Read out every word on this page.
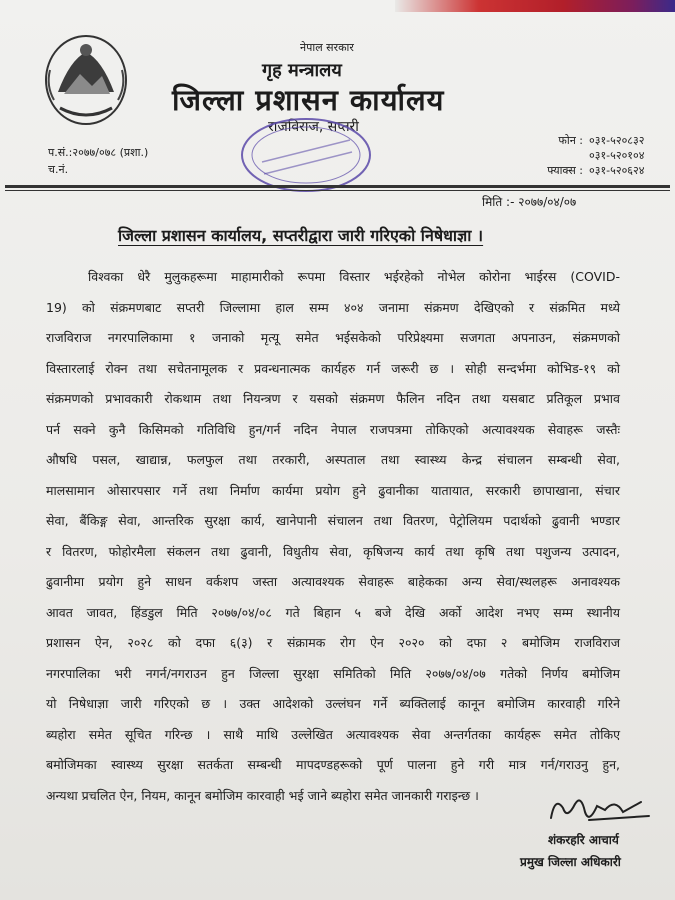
नेपाल सरकार
गृह मन्त्रालय
जिल्ला प्रशासन कार्यालय
राजविराज, सप्तरी
प.सं.:२०७७/०७८ (प्रशा.)
च.नं.
फोन : ०३१-५२०८३२
०३१-५२०१०४
फ्याक्स : ०३१-५२०६२४
मिति :- २०७७/०४/०७
जिल्ला प्रशासन कार्यालय, सप्तरीद्वारा जारी गरिएको निषेधाज्ञा ।
विश्वका धेरै मुलुकहरूमा माहामारीको रूपमा विस्तार भईरहेको नोभेल कोरोना भाईरस (COVID-
19) को संक्रमणबाट सप्तरी जिल्लामा हाल सम्म ४०४ जनामा संक्रमण देखिएको र संक्रमित मध्ये
राजविराज नगरपालिकामा १ जनाको मृत्यू समेत भईसकेको परिप्रेक्ष्यमा सजगता अपनाउन, संक्रमणको
विस्तारलाई रोक्न तथा सचेतनामूलक र प्रवन्धनात्मक कार्यहरु गर्न जरूरी छ । सोही सन्दर्भमा कोभिड-१९ को
संक्रमणको प्रभावकारी रोकथाम तथा नियन्त्रण र यसको संक्रमण फैलिन नदिन तथा यसबाट प्रतिकूल प्रभाव
पर्न सक्ने कुनै किसिमको गतिविधि हुन/गर्न नदिन नेपाल राजपत्रमा तोकिएको अत्यावश्यक सेवाहरू जस्तैः
औषधि पसल, खाद्यान्न, फलफुल तथा तरकारी, अस्पताल तथा स्वास्थ्य केन्द्र संचालन सम्बन्धी सेवा,
मालसामान ओसारपसार गर्ने तथा निर्माण कार्यमा प्रयोग हुने ढुवानीका यातायात, सरकारी छापाखाना, संचार
सेवा, बैंकिङ्ग सेवा, आन्तरिक सुरक्षा कार्य, खानेपानी संचालन तथा वितरण, पेट्रोलियम पदार्थको ढुवानी भण्डार
र वितरण, फोहोरमैला संकलन तथा ढुवानी, विधुतीय सेवा, कृषिजन्य कार्य तथा कृषि तथा पशुजन्य उत्पादन,
ढुवानीमा प्रयोग हुने साधन वर्कशप जस्ता अत्यावश्यक सेवाहरू बाहेकका अन्य सेवा/स्थलहरू अनावश्यक
आवत जावत, हिंडडुल मिति २०७७/०४/०८ गते बिहान ५ बजे देखि अर्को आदेश नभए सम्म स्थानीय
प्रशासन ऐन, २०२८ को दफा ६(३) र संक्रामक रोग ऐन २०२० को दफा २ बमोजिम राजविराज
नगरपालिका भरी नगर्न/नगराउन हुन जिल्ला सुरक्षा समितिको मिति २०७७/०४/०७ गतेको निर्णय बमोजिम
यो निषेधाज्ञा जारी गरिएको छ । उक्त आदेशको उल्लंघन गर्ने ब्यक्तिलाई कानून बमोजिम कारवाही गरिने
ब्यहोरा समेत सूचित गरिन्छ । साथै माथि उल्लेखित अत्यावश्यक सेवा अन्तर्गतका कार्यहरू समेत तोकिए
बमोजिमका स्वास्थ्य सुरक्षा सतर्कता सम्बन्धी मापदण्डहरूको पूर्ण पालना हुने गरी मात्र गर्न/गराउनु हुन,
अन्यथा प्रचलित ऐन, नियम, कानून बमोजिम कारवाही भई जाने ब्यहोरा समेत जानकारी गराइन्छ ।
शंकरहरि आचार्य
प्रमुख जिल्ला अधिकारी
